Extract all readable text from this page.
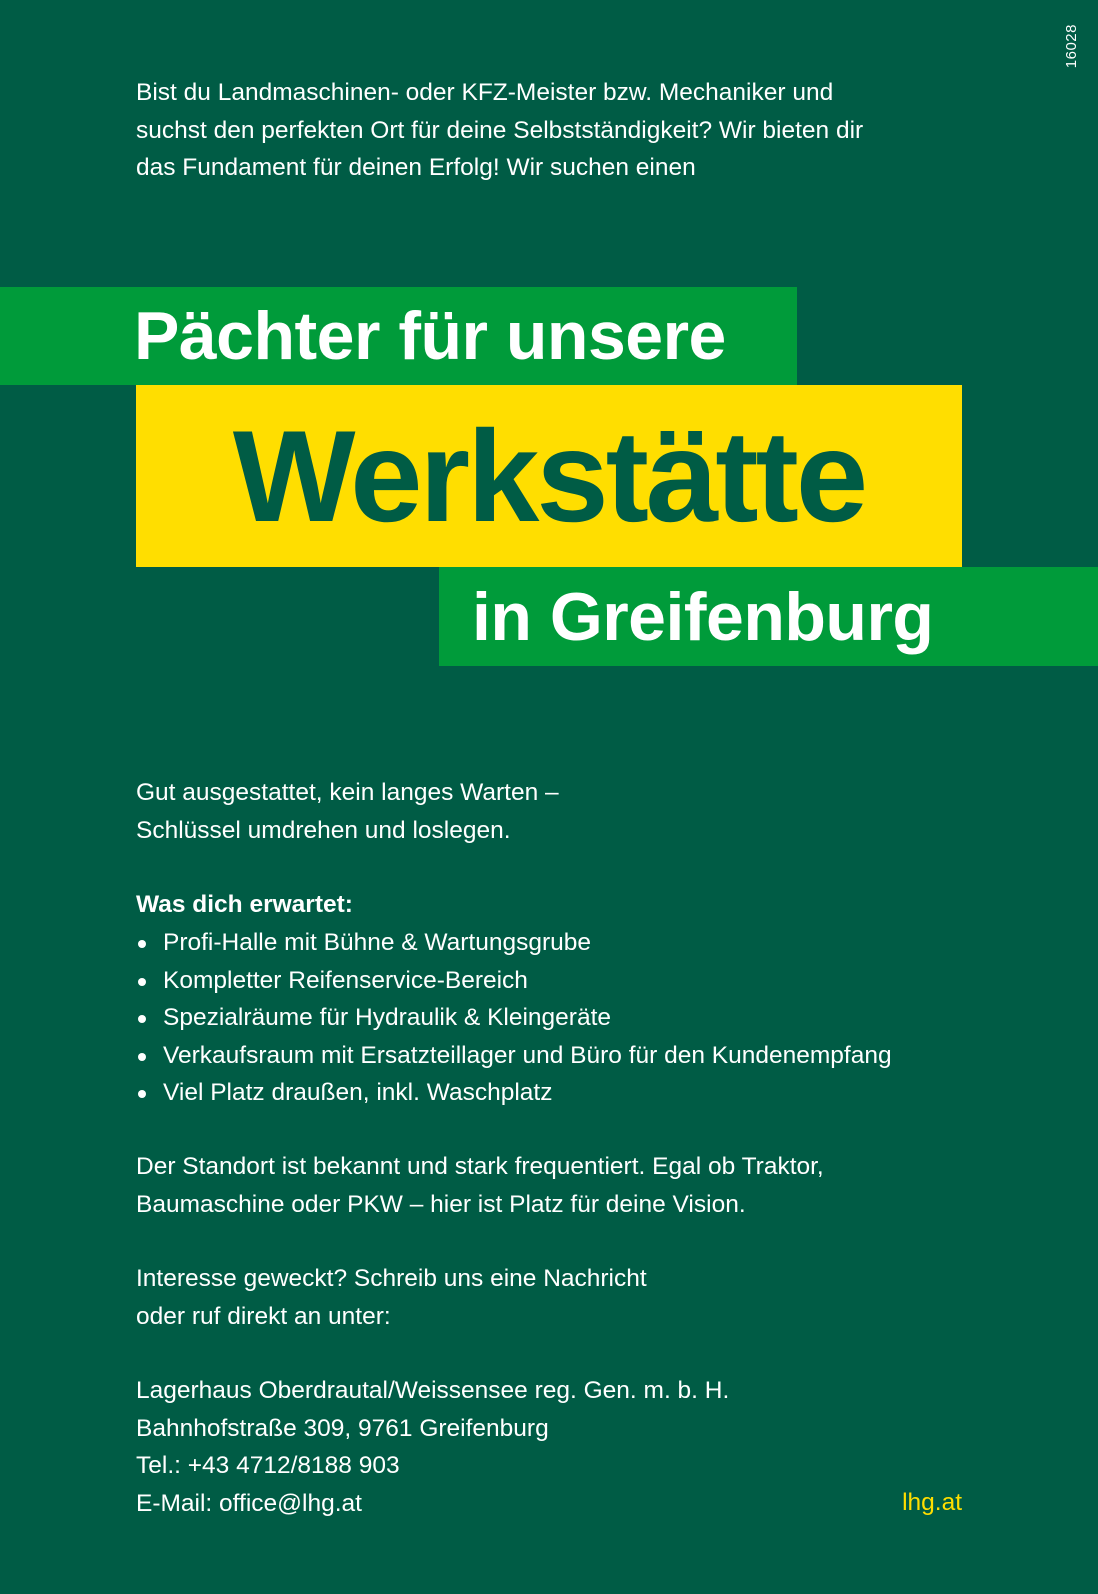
16028
Bist du Landmaschinen- oder KFZ-Meister bzw. Mechaniker und
suchst den perfekten Ort für deine Selbstständigkeit? Wir bieten dir
das Fundament für deinen Erfolg! Wir suchen einen
Pächter für unsere
Werkstätte
in Greifenburg
Gut ausgestattet, kein langes Warten –
Schlüssel umdrehen und loslegen.
Was dich erwartet:
Profi-Halle mit Bühne & Wartungsgrube
Kompletter Reifenservice-Bereich
Spezialräume für Hydraulik & Kleingeräte
Verkaufsraum mit Ersatzteillager und Büro für den Kundenempfang
Viel Platz draußen, inkl. Waschplatz
Der Standort ist bekannt und stark frequentiert. Egal ob Traktor,
Baumaschine oder PKW – hier ist Platz für deine Vision.
Interesse geweckt? Schreib uns eine Nachricht
oder ruf direkt an unter:
Lagerhaus Oberdrautal/Weissensee reg. Gen. m. b. H.
Bahnhofstraße 309, 9761 Greifenburg
Tel.: +43 4712/8188 903
E-Mail: office@lhg.at	lhg.at
